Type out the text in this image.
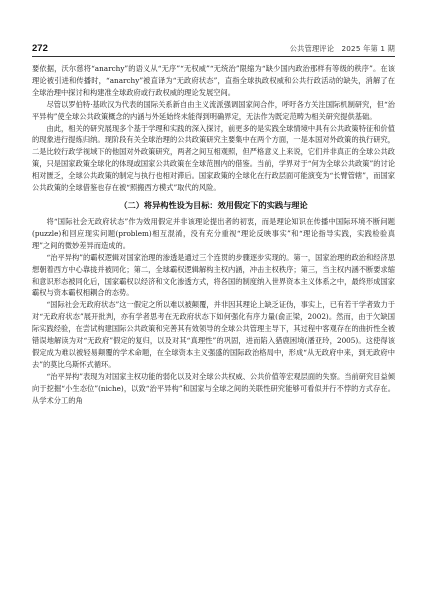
272	公共管理评论　2025 年第 1 期

要依据，沃尔慈将“anarchy”的语义从“无序”“无权威”“无统治”限缩为“缺少国内政治那样有等级的秩序”。在该理论被引进和传播时，“anarchy”被直译为“无政府状态”，直指全球执政权威和公共行政活动的缺失，消解了在全球治理中探讨和构建准全球政府或行政权威的理论发展空间。

尽管以罗伯特·基欧汉为代表的国际关系新自由主义流派强调国家间合作，呼吁各方关注国际机制研究，但“治平异构”使全球公共政策概念的内涵与外延始终未能得到明确界定，无法作为既定范畴为相关研究提供基础。

由此，相关的研究展现多个基于学理和实践的深入探讨，前更多的是实践全球情境中具有公共政策特征和价值的现象进行提炼归纳。现阶段有关全球治理的公共政策研究主要集中在两个方面，一是本国对外政策的执行研究，二是比较行政学视域下的他国对外政策研究，两者之间互相观照，但严格意义上来说，它们并非真正的全球公共政策，只是国家政策全球化的体现或国家公共政策在全球范围内的借鉴。当前，学界对于“何为全球公共政策”的讨论相对匮乏，全球公共政策的制定与执行也相对滞后。国家政策的全球化在行政层面可能演变为“长臂管辖”，而国家公共政策的全球借鉴也存在被“照搬西方模式”取代的风险。

（二）将异构性设为目标：效用假定下的实践与理论

将“国际社会无政府状态”作为效用假定并非该理论提出者的初衷，而是理论知识在传播中国际环境不断问题(puzzle)和回应现实问题(problem)相互混淆，没有充分重视“理论反映事实”和“理论指导实践，实践检验真理”之间的微妙差异而造成的。

“治平异构”的霸权逻辑对国家治理的渗透是通过三个连贯的步骤逐步实现的。第一，国家治理的政治和经济思想朝着西方中心靠拢并被同化；第二，全球霸权逻辑解构主权内涵，冲击主权秩序；第三，当主权内涵不断要求缩和意识形态被同化后，国家霸权以经济和文化渗透方式，将各国的制度纳入世界资本主义体系之中，最终形成国家霸权与资本霸权相耦合的态势。

“国际社会无政府状态”这一假定之所以难以被颠覆，并非因其理论上缺乏证伪，事实上，已有若干学者致力于对“无政府状态”展开批判，亦有学者思考在无政府状态下如何强化有序力量(俞正梁，2002)。然而，由于欠缺国际实践经验，在尝试构建国际公共政策和完善其有效领导的全球公共管理主导下，其过程中客观存在的曲折性全被错误地解读为对“无政府”假定的复归，以及对其“真理性”的巩固，进而陷入猎鹿困境(潘亚玲，2005)。这使得该假定成为难以被轻易颠覆的学术命题，在全球资本主义强盛的国际政治格局中，形成“从无政府中来，到无政府中去”的莫比乌斯怀式循环。

“治平异构”表现为对国家主权功能的弱化以及对全球公共权威、公共价值等宏观层面的失察。当前研究目益倾向于挖掘“小生态位”(niche)，以致“治平异构”和国家与全球之间的关联性研究能够可看似并行不悖的方式存在。从学术分工的角
